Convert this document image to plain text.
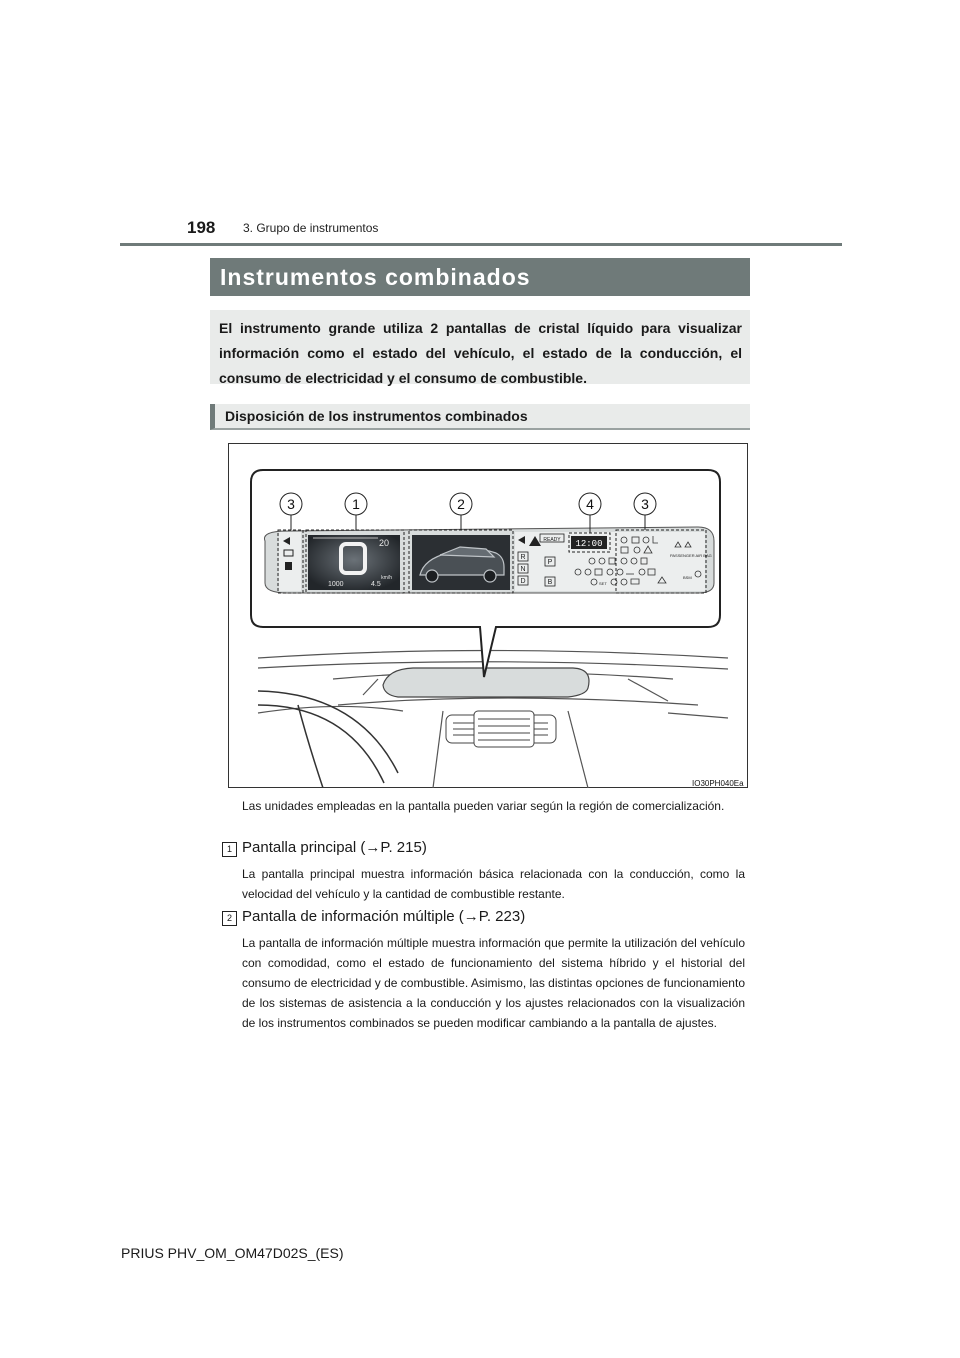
198 3. Grupo de instrumentos
Instrumentos combinados
El instrumento grande utiliza 2 pantallas de cristal líquido para visualizar información como el estado del vehículo, el estado de la conducción, el consumo de electricidad y el consumo de combustible.
Disposición de los instrumentos combinados
20
km/h
1000	4.5
12:00
READY
R
N
D
P
B
PASSENGER AIR BAG
BSM
SET
3	1	2	4	3
IO30PH040Ea
Las unidades empleadas en la pantalla pueden variar según la región de comercialización.
1 Pantalla principal (→P. 215)
La pantalla principal muestra información básica relacionada con la conducción, como la velocidad del vehículo y la cantidad de combustible restante.
2 Pantalla de información múltiple (→P. 223)
La pantalla de información múltiple muestra información que permite la utilización del vehículo con comodidad, como el estado de funcionamiento del sistema híbrido y el historial del consumo de electricidad y de combustible. Asimismo, las distintas opciones de funcionamiento de los sistemas de asistencia a la conducción y los ajustes relacionados con la visualización de los instrumentos combinados se pueden modificar cambiando a la pantalla de ajustes.
PRIUS PHV_OM_OM47D02S_(ES)
